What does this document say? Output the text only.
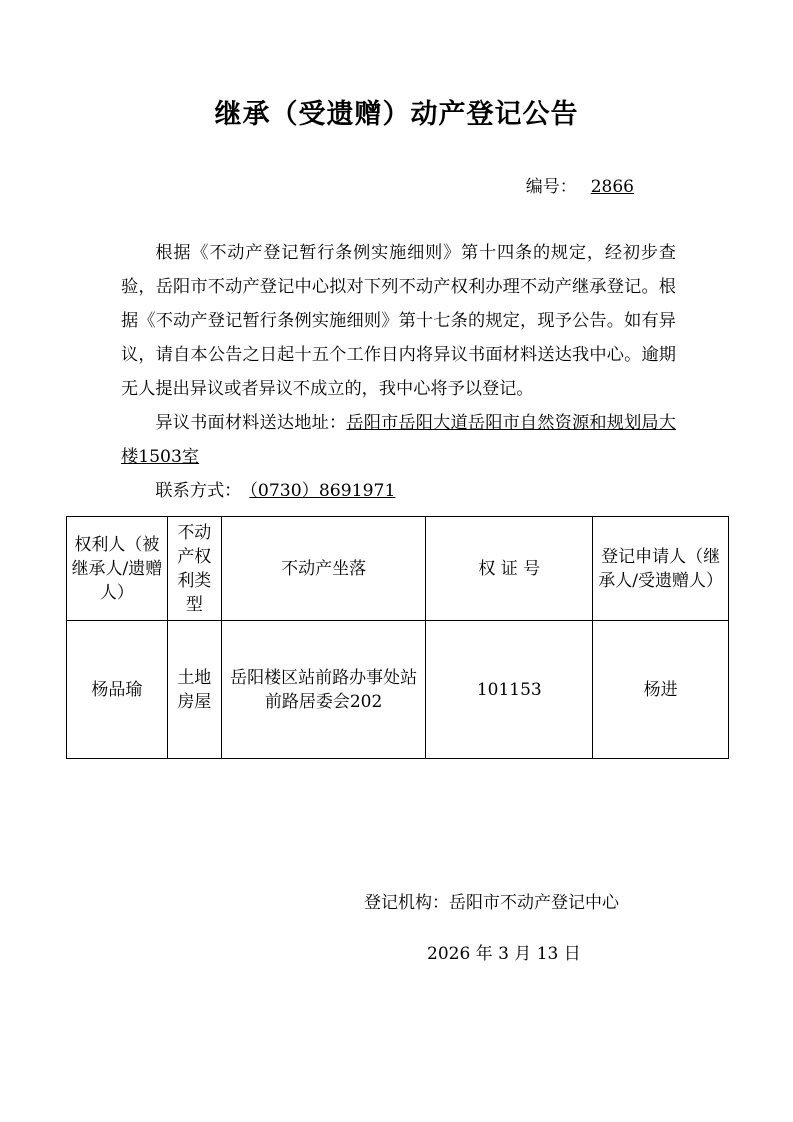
继承（受遗赠）动产登记公告
编号： 2866

根据《不动产登记暂行条例实施细则》第十四条的规定，经初步查验，岳阳市不动产登记中心拟对下列不动产权利办理不动产继承登记。根据《不动产登记暂行条例实施细则》第十七条的规定，现予公告。如有异议，请自本公告之日起十五个工作日内将异议书面材料送达我中心。逾期无人提出异议或者异议不成立的，我中心将予以登记。

异议书面材料送达地址：岳阳市岳阳大道岳阳市自然资源和规划局大楼1503室

联系方式： （0730）8691971

权利人（被继承人/遗赠人）	不动产权利类型	不动产坐落	权 证 号	登记申请人（继承人/受遗赠人）
杨品瑜	土地房屋	岳阳楼区站前路办事处站前路居委会202	101153	杨进
登记机构：岳阳市不动产登记中心
2026 年 3 月 13 日
